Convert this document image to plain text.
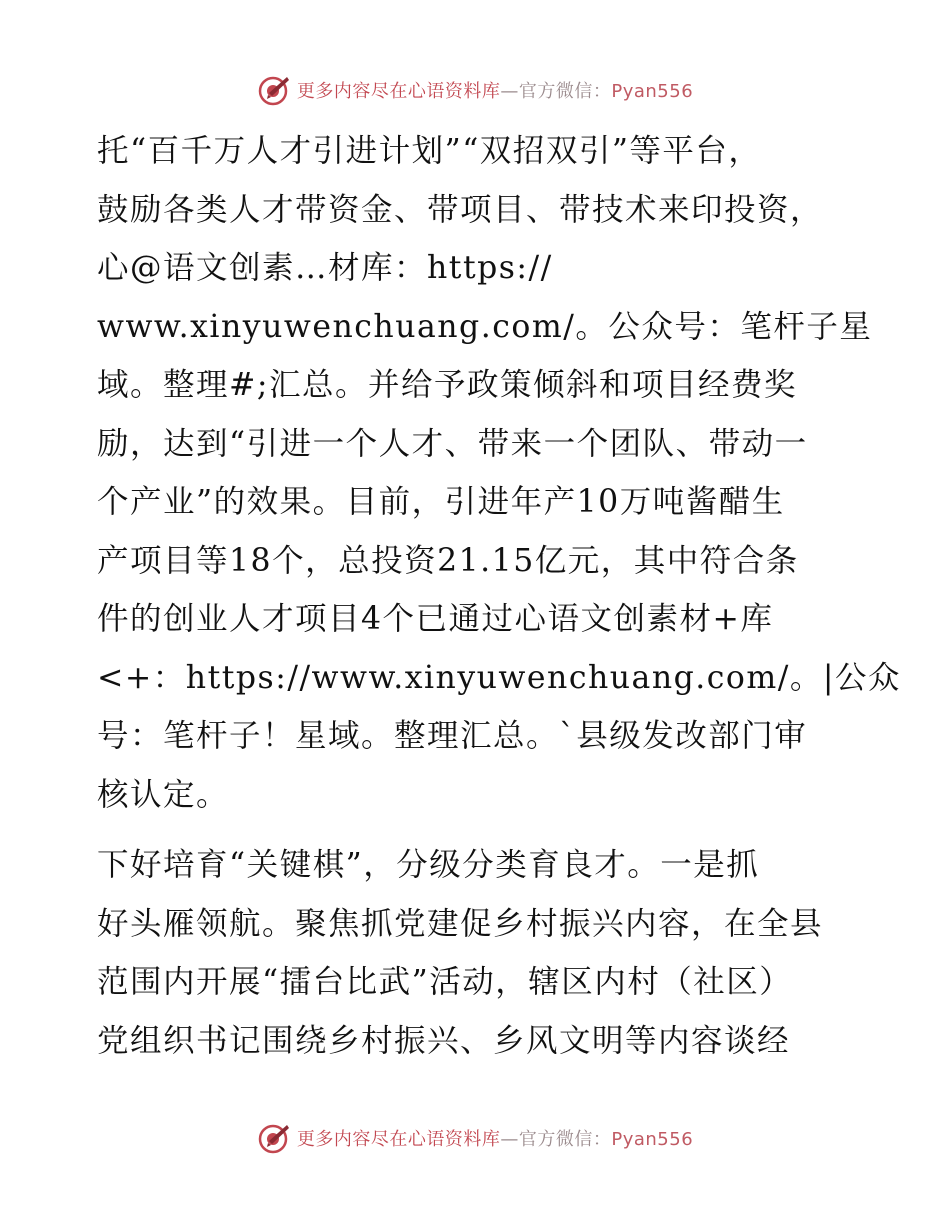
更多内容尽在心语资料库—官方微信：Pyan556
托“百千万人才引进计划”“双招双引”等平台，
鼓励各类人才带资金、带项目、带技术来印投资，
心@语文创素…材库：https://
www.xinyuwenchuang.com/。公众号：笔杆子星
域。整理#;汇总。并给予政策倾斜和项目经费奖
励，达到“引进一个人才、带来一个团队、带动一
个产业”的效果。目前，引进年产10万吨酱醋生
产项目等18个，总投资21.15亿元，其中符合条
件的创业人才项目4个已通过心语文创素材+库
<+：https://www.xinyuwenchuang.com/。|公众
号：笔杆子！星域。整理汇总。`县级发改部门审
核认定。
下好培育“关键棋”，分级分类育良才。一是抓
好头雁领航。聚焦抓党建促乡村振兴内容，在全县
范围内开展“擂台比武”活动，辖区内村（社区）
党组织书记围绕乡村振兴、乡风文明等内容谈经
更多内容尽在心语资料库—官方微信：Pyan556
